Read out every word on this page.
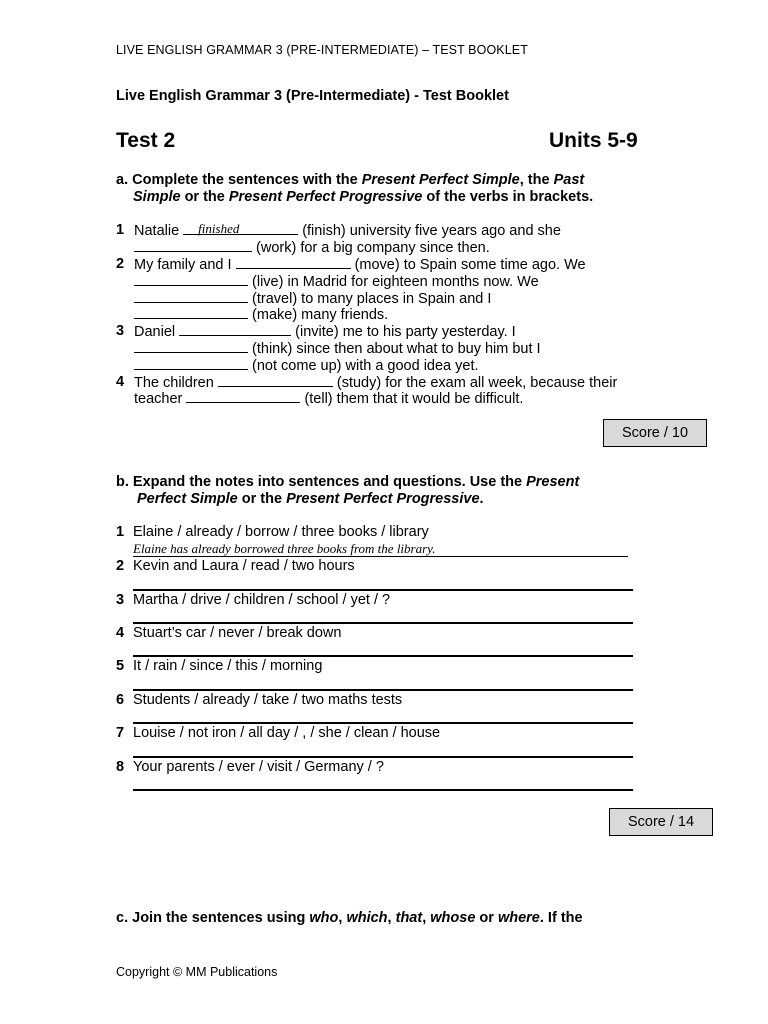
LIVE ENGLISH GRAMMAR 3 (PRE-INTERMEDIATE) – TEST BOOKLET
Live English Grammar 3 (Pre-Intermediate) - Test Booklet
Test 2	Units 5-9
a. Complete the sentences with the Present Perfect Simple, the Past
Simple or the Present Perfect Progressive of the verbs in brackets.
1 Natalie finished	(finish) university five years ago and she
(work) for a big company since then.
2 My family and I	(move) to Spain some time ago. We
(live) in Madrid for eighteen months now. We
(travel) to many places in Spain and I
(make) many friends.
3 Daniel	(invite) me to his party yesterday. I
(think) since then about what to buy him but I
(not come up) with a good idea yet.
4 The children	(study) for the exam all week, because their
teacher	(tell) them that it would be difficult.
Score / 10
b. Expand the notes into sentences and questions. Use the Present
Perfect Simple or the Present Perfect Progressive.
1 Elaine / already / borrow / three books / library
Elaine has already borrowed three books from the library.
2 Kevin and Laura / read / two hours
3 Martha / drive / children / school / yet / ?
4 Stuart’s car / never / break down
5 It / rain / since / this / morning
6 Students / already / take / two maths tests
7 Louise / not iron / all day / , / she / clean / house
8 Your parents / ever / visit / Germany / ?
Score / 14
c. Join the sentences using who, which, that, whose or where. If the
Copyright © MM Publications
